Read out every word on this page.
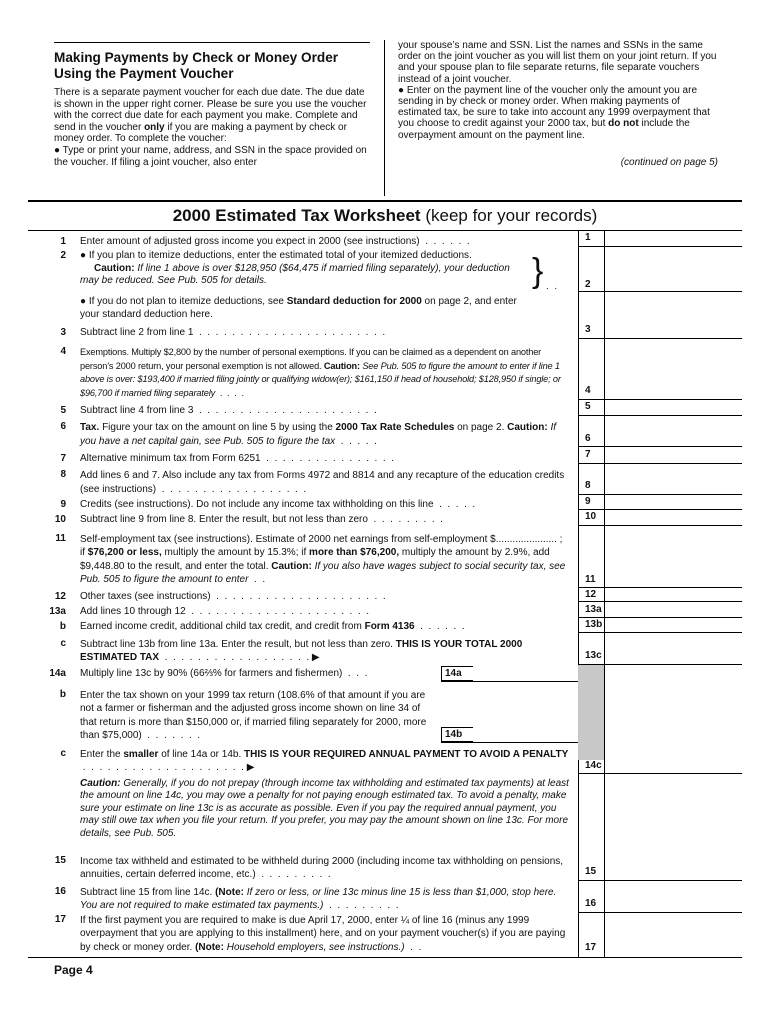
Making Payments by Check or Money Order Using the Payment Voucher

There is a separate payment voucher for each due date. The due date is shown in the upper right corner. Please be sure you use the voucher with the correct due date for each payment you make. Complete and send in the voucher only if you are making a payment by check or money order. To complete the voucher:

● Type or print your name, address, and SSN in the space provided on the voucher. If filing a joint voucher, also enter

your spouse’s name and SSN. List the names and SSNs in the same order on the joint voucher as you will list them on your joint return. If you and your spouse plan to file separate returns, file separate vouchers instead of a joint voucher.

● Enter on the payment line of the voucher only the amount you are sending in by check or money order. When making payments of estimated tax, be sure to take into account any 1999 overpayment that you choose to credit against your 2000 tax, but do not include the overpayment amount on the payment line.

(continued on page 5)

2000 Estimated Tax Worksheet (keep for your records)
1 Enter amount of adjusted gross income you expect in 2000 (see instructions)  .  .  .  .  .  .	1
2 ● If you plan to itemize deductions, enter the estimated total of your itemized deductions.
Caution: If line 1 above is over $128,950 ($64,475 if married filing separately), your deduction may be reduced. See Pub. 505 for details.
● If you do not plan to itemize deductions, see Standard deduction for 2000 on page 2, and enter your standard deduction here.
} .  .	2
3 Subtract line 2 from line 1  .  .  .  .  .  .  .  .  .  .  .  .  .  .  .  .  .  .  .  .  .  .  .	3
4 Exemptions. Multiply $2,800 by the number of personal exemptions. If you can be claimed as a dependent on another person’s 2000 return, your personal exemption is not allowed. Caution: See Pub. 505 to figure the amount to enter if line 1 above is over: $193,400 if married filing jointly or qualifying widow(er); $161,150 if head of household; $128,950 if single; or $96,700 if married filing separately  .  .  .  .	4
5 Subtract line 4 from line 3  .  .  .  .  .  .  .  .  .  .  .  .  .  .  .  .  .  .  .  .  .  .	5
6 Tax. Figure your tax on the amount on line 5 by using the 2000 Tax Rate Schedules on page 2. Caution: If you have a net capital gain, see Pub. 505 to figure the tax  .  .  .  .  .	6
7 Alternative minimum tax from Form 6251  .  .  .  .  .  .  .  .  .  .  .  .  .  .  .  .	7
8 Add lines 6 and 7. Also include any tax from Forms 4972 and 8814 and any recapture of the education credits (see instructions)  .  .  .  .  .  .  .  .  .  .  .  .  .  .  .  .  .  .	8
9 Credits (see instructions). Do not include any income tax withholding on this line  .  .  .  .  .	9
10 Subtract line 9 from line 8. Enter the result, but not less than zero  .  .  .  .  .  .  .  .  .	10
11 Self-employment tax (see instructions). Estimate of 2000 net earnings from self-employment $...................... ; if $76,200 or less, multiply the amount by 15.3%; if more than $76,200, multiply the amount by 2.9%, add $9,448.80 to the result, and enter the total. Caution: If you also have wages subject to social security tax, see Pub. 505 to figure the amount to enter  .  .	11
12 Other taxes (see instructions)  .  .  .  .  .  .  .  .  .  .  .  .  .  .  .  .  .  .  .  .  .	12
13a Add lines 10 through 12  .  .  .  .  .  .  .  .  .  .  .  .  .  .  .  .  .  .  .  .  .  .	13a
b Earned income credit, additional child tax credit, and credit from Form 4136  .  .  .  .  .  .	13b
c Subtract line 13b from line 13a. Enter the result, but not less than zero. THIS IS YOUR TOTAL 2000 ESTIMATED TAX  .  .  .  .  .  .  .  .  .  .  .  .  .  .  .  .  .  . ▶	13c
14a Multiply line 13c by 90% (66⅔% for farmers and fishermen)  .  .  .	14a
b Enter the tax shown on your 1999 tax return (108.6% of that amount if you are not a farmer or fisherman and the adjusted gross income shown on line 34 of that return is more than $150,000 or, if married filing separately for 2000, more than $75,000)  .  .  .  .  .  .  .	14b
c Enter the smaller of line 14a or 14b. THIS IS YOUR REQUIRED ANNUAL PAYMENT TO AVOID A PENALTY  .  .  .  .  .  .  .  .  .  .  .  .  .  .  .  .  .  .  .  . ▶	14c
Caution: Generally, if you do not prepay (through income tax withholding and estimated tax payments) at least the amount on line 14c, you may owe a penalty for not paying enough estimated tax. To avoid a penalty, make sure your estimate on line 13c is as accurate as possible. Even if you pay the required annual payment, you may still owe tax when you file your return. If you prefer, you may pay the amount shown on line 13c. For more details, see Pub. 505.
15 Income tax withheld and estimated to be withheld during 2000 (including income tax withholding on pensions, annuities, certain deferred income, etc.)  .  .  .  .  .  .  .  .  .	15
16 Subtract line 15 from line 14c. (Note: If zero or less, or line 13c minus line 15 is less than $1,000, stop here. You are not required to make estimated tax payments.)  .  .  .  .  .  .  .  .  .	16
17 If the first payment you are required to make is due April 17, 2000, enter ¼ of line 16 (minus any 1999 overpayment that you are applying to this installment) here, and on your payment voucher(s) if you are paying by check or money order. (Note: Household employers, see instructions.)  .  .	17
Page 4
